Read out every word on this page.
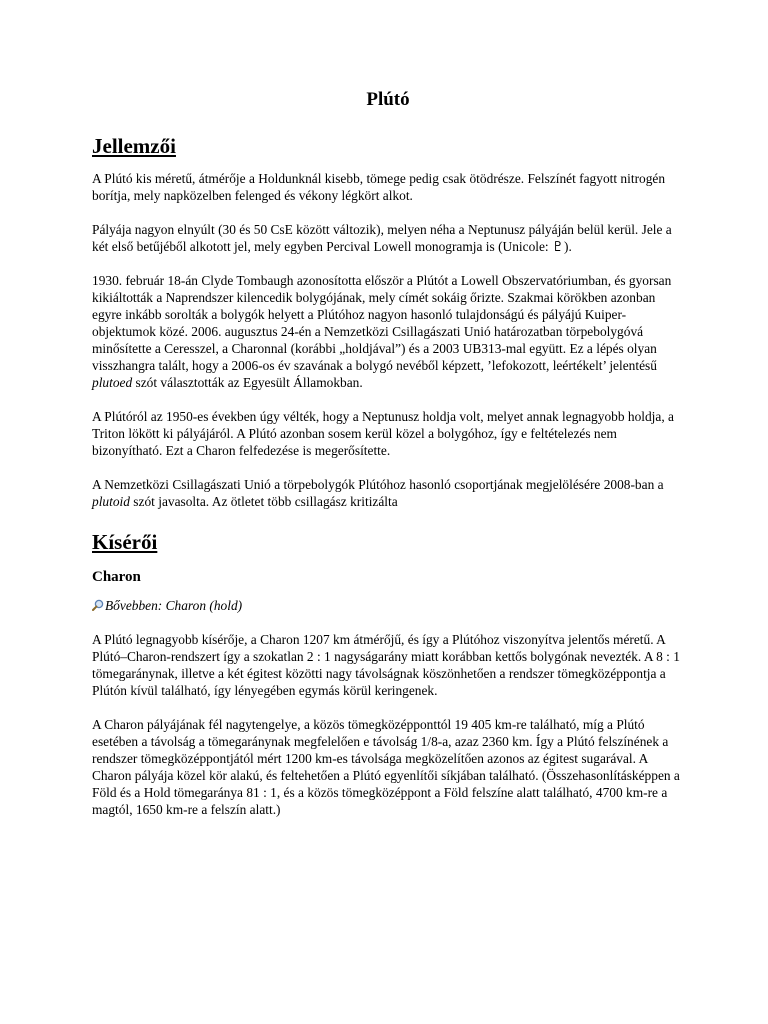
Plútó
Jellemzői

A Plútó kis méretű, átmérője a Holdunknál kisebb, tömege pedig csak ötödrésze. Felszínét fagyott nitrogén borítja, mely napközelben felenged és vékony légkört alkot.

Pályája nagyon elnyúlt (30 és 50 CsE között változik), melyen néha a Neptunusz pályáján belül kerül. Jele a két első betűjéből alkotott jel, mely egyben Percival Lowell monogramja is (Unicole: ♇).

1930. február 18-án Clyde Tombaugh azonosította először a Plútót a Lowell Obszervatóriumban, és gyorsan kikiáltották a Naprendszer kilencedik bolygójának, mely címét sokáig őrizte. Szakmai körökben azonban egyre inkább sorolták a bolygók helyett a Plútóhoz nagyon hasonló tulajdonságú és pályájú Kuiper-objektumok közé. 2006. augusztus 24-én a Nemzetközi Csillagászati Unió határozatban törpebolygóvá minősítette a Ceresszel, a Charonnal (korábbi „holdjával”) és a 2003 UB313-mal együtt. Ez a lépés olyan visszhangra talált, hogy a 2006-os év szavának a bolygó nevéből képzett, ’lefokozott, leértékelt’ jelentésű plutoed szót választották az Egyesült Államokban.

A Plútóról az 1950-es években úgy vélték, hogy a Neptunusz holdja volt, melyet annak legnagyobb holdja, a Triton lökött ki pályájáról. A Plútó azonban sosem kerül közel a bolygóhoz, így e feltételezés nem bizonyítható. Ezt a Charon felfedezése is megerősítette.

A Nemzetközi Csillagászati Unió a törpebolygók Plútóhoz hasonló csoportjának megjelölésére 2008-ban a plutoid szót javasolta. Az ötletet több csillagász kritizálta

Kísérői
Charon

Bővebben: Charon (hold)

A Plútó legnagyobb kísérője, a Charon 1207 km átmérőjű, és így a Plútóhoz viszonyítva jelentős méretű. A Plútó–Charon-rendszert így a szokatlan 2 : 1 nagyságarány miatt korábban kettős bolygónak nevezték. A 8 : 1 tömegaránynak, illetve a két égitest közötti nagy távolságnak köszönhetően a rendszer tömegközéppontja a Plútón kívül található, így lényegében egymás körül keringenek.

A Charon pályájának fél nagytengelye, a közös tömegközépponttól 19 405 km-re található, míg a Plútó esetében a távolság a tömegaránynak megfelelően e távolság 1/8-a, azaz 2360 km. Így a Plútó felszínének a rendszer tömegközéppontjától mért 1200 km-es távolsága megközelítően azonos az égitest sugarával. A Charon pályája közel kör alakú, és feltehetően a Plútó egyenlítői síkjában található. (Összehasonlításképpen a Föld és a Hold tömegaránya 81 : 1, és a közös tömegközéppont a Föld felszíne alatt található, 4700 km-re a magtól, 1650 km-re a felszín alatt.)
